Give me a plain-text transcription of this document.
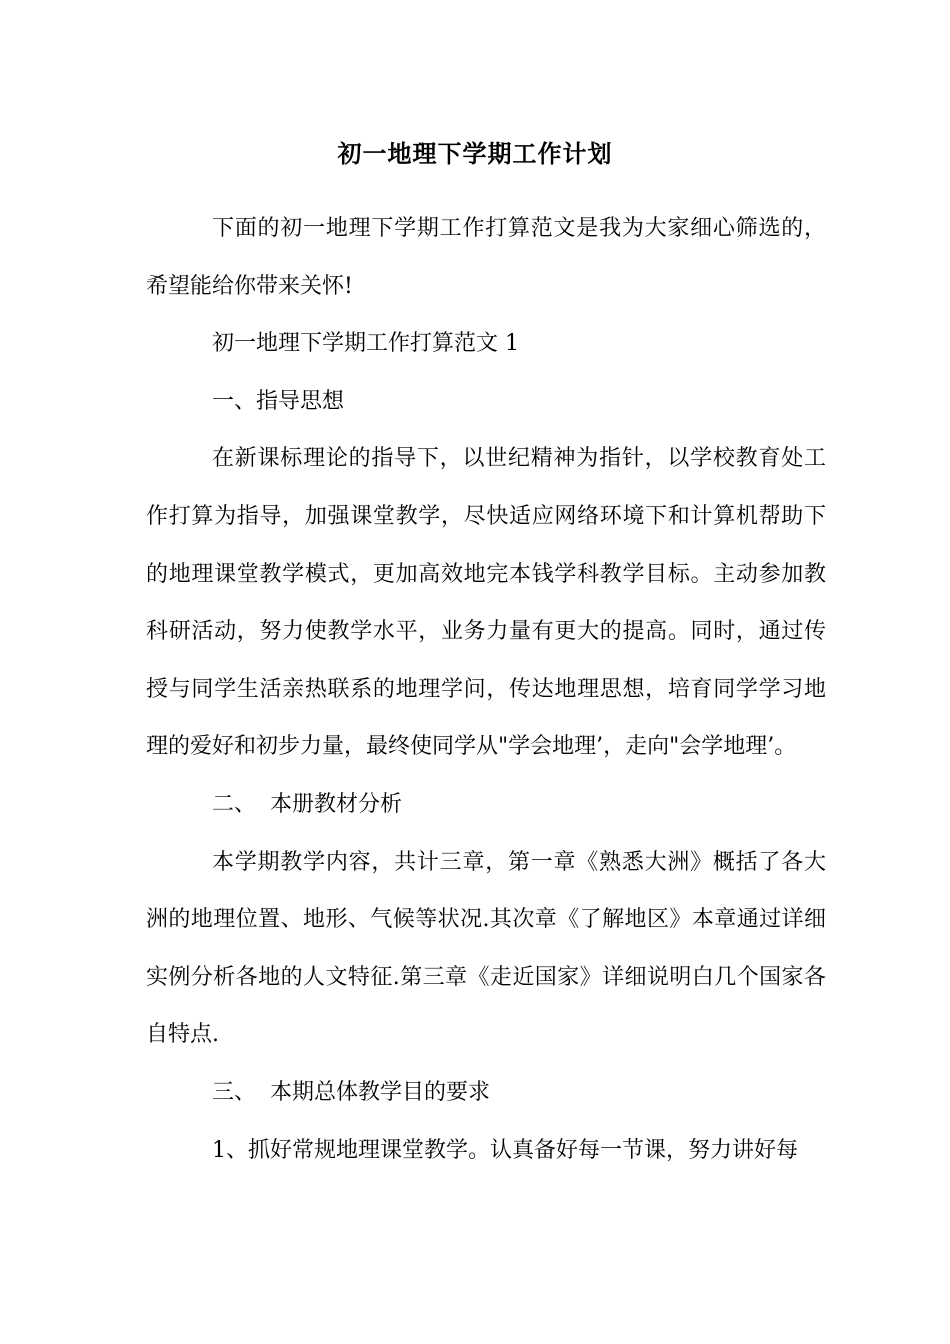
初一地理下学期工作计划

下面的初一地理下学期工作打算范文是我为大家细心筛选的，希望能给你带来关怀!

初一地理下学期工作打算范文 1

一、指导思想

在新课标理论的指导下，以世纪精神为指针，以学校教育处工作打算为指导，加强课堂教学，尽快适应网络环境下和计算机帮助下的地理课堂教学模式，更加高效地完本钱学科教学目标。主动参加教科研活动，努力使教学水平，业务力量有更大的提高。同时，通过传授与同学生活亲热联系的地理学问，传达地理思想，培育同学学习地理的爱好和初步力量，最终使同学从"学会地理’，走向"会学地理’。

二、  本册教材分析

本学期教学内容，共计三章，第一章《熟悉大洲》概括了各大洲的地理位置、地形、气候等状况.其次章《了解地区》本章通过详细实例分析各地的人文特征.第三章《走近国家》详细说明白几个国家各自特点.

三、  本期总体教学目的要求

1、抓好常规地理课堂教学。认真备好每一节课，努力讲好每
